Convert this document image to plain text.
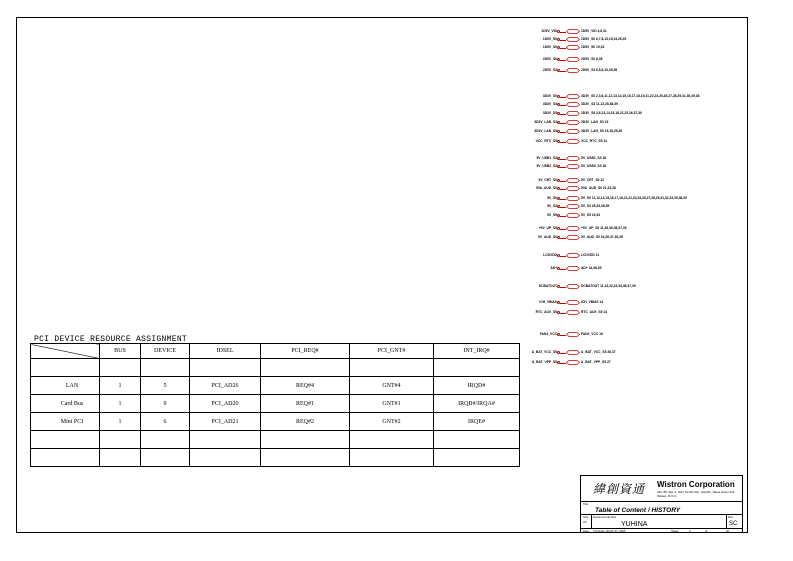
PCI DEVICE RESOURCE ASSIGNMENT
	BUS	DEVICE	IDSEL	PCI_REQ#	PCI_GNT#	INT_IRQ#

LAN	1	5	PCI_AD26	REQ#4	GNT#4	IRQD#
Card Bus	1	9	PCI_AD20	REQ#1	GNT#1	IRQB#/IRQA#
Mini PCI	1	6	PCI_AD21	REQ#2	GNT#2	IRQE#

1D5V_VID	1D5V_VID 4,6,31
1D5V_S0	1D5V_S0 6,7,8,13,15,24,26,39
1D5V_S0	1D5V_S0 19,33
2D5V_S0	2D5V_S0 8,38
2D5V_S3	2D5V_S3 6,8,9,10,35,38
3D3V_S0	3D3V_S0 2,3,6,11,12,13,14,15,16,17,18,19,21,22,24,25,26,27,28,29,31,35,39,38
3D3V_S3	3D3V_S3 11,12,28,38,39
3D3V_S5	3D3V_S5 3,6,13,14,15,18,21,22,26,37,39
3D3V_LAN_S3	3D3V_LAN_S3 19
3D3V_LAN_S5	3D3V_LAN_S5 19,18,25,26
VCC_RTC_S5	VCC_RTC_S5 14
5V_USB1_S3	5V_USB1_S3 18
5V_USB3_S3	5V_USB3_S3 18
5V_CRT_S0	5V_CRT_S0 12
5VA_AUD_S0	5VA_AUD_S0 21,23,28
5V_S0	5V_S0 11,12,14,15,16,17,18,21,22,23,24,25,27,28,29,31,32,33,35,38,39
5V_S3	5V_S3 25,33,38,39
5V_S5	5V_S5 19,33
+5V_UP_S5	+5V_UP_S5 11,26,36,38,37,39
5V_AUD_S0	5V_AUD_S0 16,26,37,28,39
LCDVDD	LCDVDD 11
AD+	AD+ 34,38,39
DCBATOUT	DCBATOUT 11,13,22,23,34,36,37,39
ICH_VBIAS	ICH_VBIAS 14
RTC_AUX_S5	RTC_AUX_S5 14
FAN1_VCC	FAN1_VCC 16
A_BAT_VCC_S5	A_BAT_VCC_S5 26,37
A_BAT_VPP_S5	A_BAT_VPP_S5 27
緯創資通 Wistron Corporation
21F, 88, Sec.1, Hsin Tai Wu Rd., Hsichih, Taipei Hsien 221, Taiwan, R.O.C.
Title
Table of Content / HISTORY
Size
A3
Document Number
YUHINA
Rev
SC
Date: Thursday, March 31, 2005	Sheet	2	of	40
